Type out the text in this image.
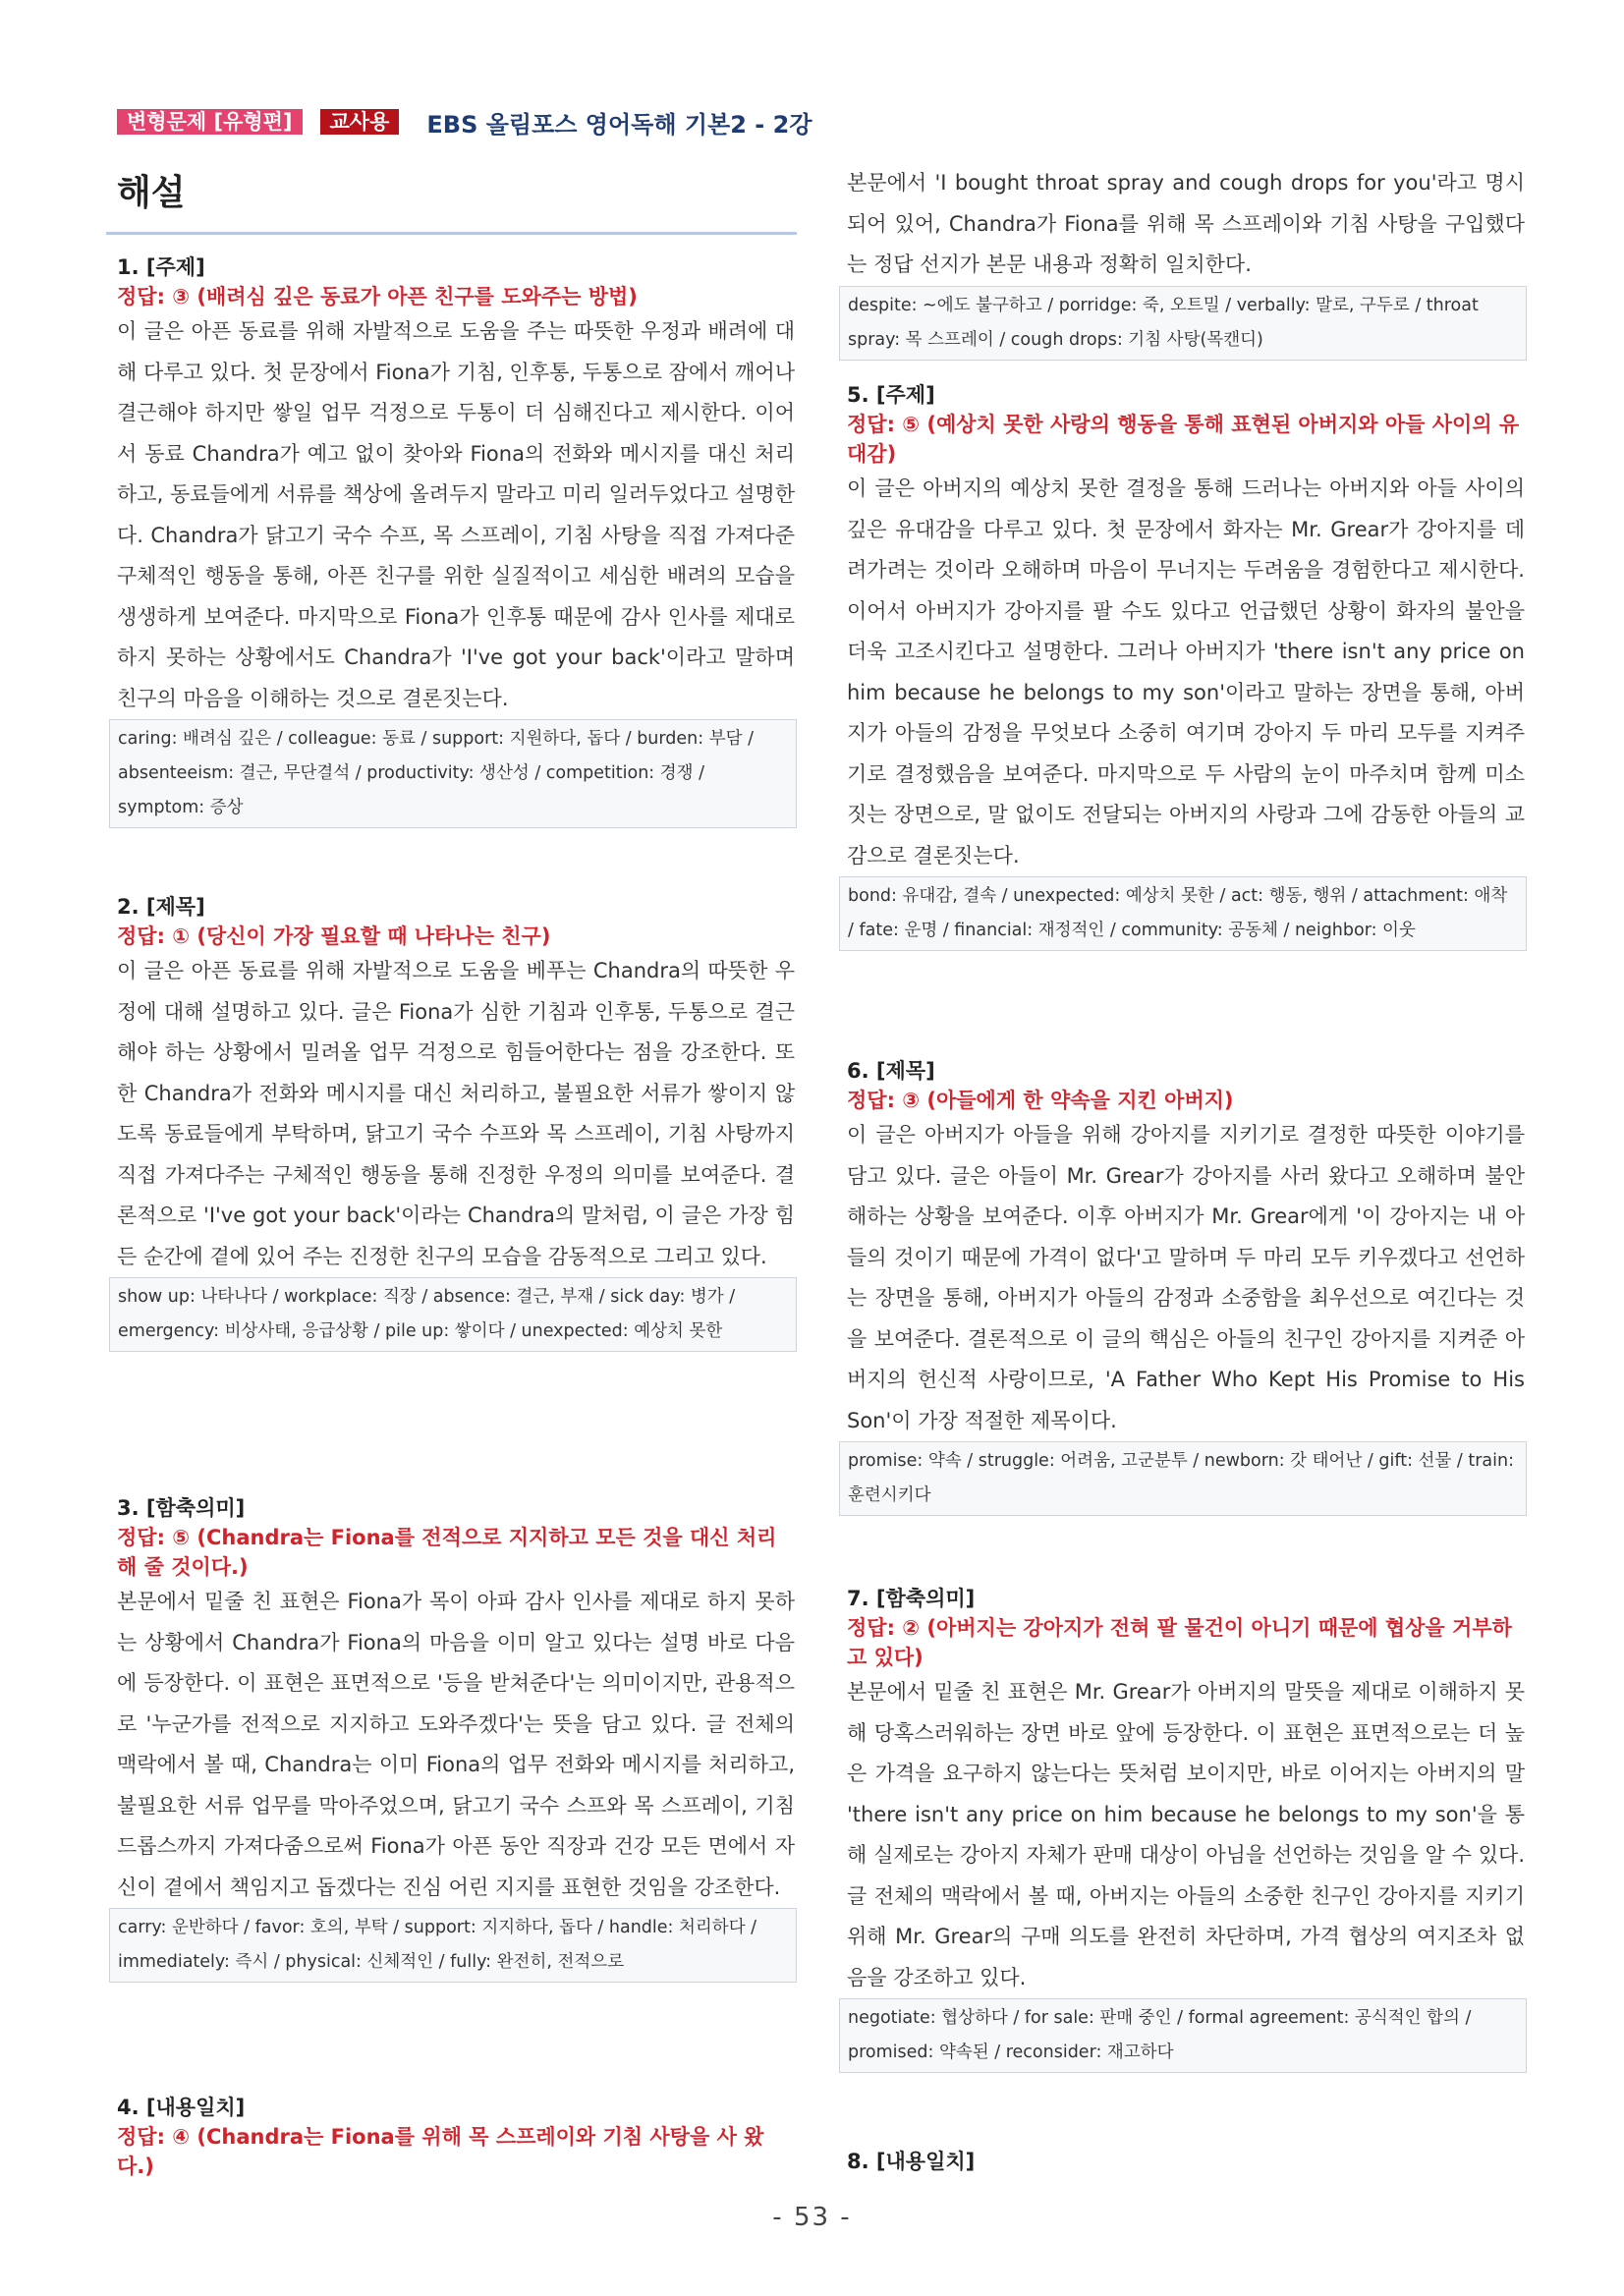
변형문제 [유형편]	교사용	EBS 올림포스 영어독해 기본2 - 2강
해설
1. [주제]
정답: ③ (배려심 깊은 동료가 아픈 친구를 도와주는 방법)
이 글은 아픈 동료를 위해 자발적으로 도움을 주는 따뜻한 우정과 배려에 대해 다루고 있다. 첫 문장에서 Fiona가 기침, 인후통, 두통으로 잠에서 깨어나 결근해야 하지만 쌓일 업무 걱정으로 두통이 더 심해진다고 제시한다. 이어서 동료 Chandra가 예고 없이 찾아와 Fiona의 전화와 메시지를 대신 처리하고, 동료들에게 서류를 책상에 올려두지 말라고 미리 일러두었다고 설명한다. Chandra가 닭고기 국수 수프, 목 스프레이, 기침 사탕을 직접 가져다준 구체적인 행동을 통해, 아픈 친구를 위한 실질적이고 세심한 배려의 모습을 생생하게 보여준다. 마지막으로 Fiona가 인후통 때문에 감사 인사를 제대로 하지 못하는 상황에서도 Chandra가 'I've got your back'이라고 말하며 친구의 마음을 이해하는 것으로 결론짓는다.
caring: 배려심 깊은 / colleague: 동료 / support: 지원하다, 돕다 / burden: 부담 / absenteeism: 결근, 무단결석 / productivity: 생산성 / competition: 경쟁 / symptom: 증상
2. [제목]
정답: ① (당신이 가장 필요할 때 나타나는 친구)
이 글은 아픈 동료를 위해 자발적으로 도움을 베푸는 Chandra의 따뜻한 우정에 대해 설명하고 있다. 글은 Fiona가 심한 기침과 인후통, 두통으로 결근해야 하는 상황에서 밀려올 업무 걱정으로 힘들어한다는 점을 강조한다. 또한 Chandra가 전화와 메시지를 대신 처리하고, 불필요한 서류가 쌓이지 않도록 동료들에게 부탁하며, 닭고기 국수 수프와 목 스프레이, 기침 사탕까지 직접 가져다주는 구체적인 행동을 통해 진정한 우정의 의미를 보여준다. 결론적으로 'I've got your back'이라는 Chandra의 말처럼, 이 글은 가장 힘든 순간에 곁에 있어 주는 진정한 친구의 모습을 감동적으로 그리고 있다.
show up: 나타나다 / workplace: 직장 / absence: 결근, 부재 / sick day: 병가 / emergency: 비상사태, 응급상황 / pile up: 쌓이다 / unexpected: 예상치 못한
3. [함축의미]
정답: ⑤ (Chandra는 Fiona를 전적으로 지지하고 모든 것을 대신 처리해 줄 것이다.)
본문에서 밑줄 친 표현은 Fiona가 목이 아파 감사 인사를 제대로 하지 못하는 상황에서 Chandra가 Fiona의 마음을 이미 알고 있다는 설명 바로 다음에 등장한다. 이 표현은 표면적으로 '등을 받쳐준다'는 의미이지만, 관용적으로 '누군가를 전적으로 지지하고 도와주겠다'는 뜻을 담고 있다. 글 전체의 맥락에서 볼 때, Chandra는 이미 Fiona의 업무 전화와 메시지를 처리하고, 불필요한 서류 업무를 막아주었으며, 닭고기 국수 스프와 목 스프레이, 기침 드롭스까지 가져다줌으로써 Fiona가 아픈 동안 직장과 건강 모든 면에서 자신이 곁에서 책임지고 돕겠다는 진심 어린 지지를 표현한 것임을 강조한다.
carry: 운반하다 / favor: 호의, 부탁 / support: 지지하다, 돕다 / handle: 처리하다 / immediately: 즉시 / physical: 신체적인 / fully: 완전히, 전적으로
4. [내용일치]
정답: ④ (Chandra는 Fiona를 위해 목 스프레이와 기침 사탕을 사 왔다.)
본문에서 'I bought throat spray and cough drops for you'라고 명시되어 있어, Chandra가 Fiona를 위해 목 스프레이와 기침 사탕을 구입했다는 정답 선지가 본문 내용과 정확히 일치한다.
despite: ~에도 불구하고 / porridge: 죽, 오트밀 / verbally: 말로, 구두로 / throat spray: 목 스프레이 / cough drops: 기침 사탕(목캔디)
5. [주제]
정답: ⑤ (예상치 못한 사랑의 행동을 통해 표현된 아버지와 아들 사이의 유대감)
이 글은 아버지의 예상치 못한 결정을 통해 드러나는 아버지와 아들 사이의 깊은 유대감을 다루고 있다. 첫 문장에서 화자는 Mr. Grear가 강아지를 데려가려는 것이라 오해하며 마음이 무너지는 두려움을 경험한다고 제시한다. 이어서 아버지가 강아지를 팔 수도 있다고 언급했던 상황이 화자의 불안을 더욱 고조시킨다고 설명한다. 그러나 아버지가 'there isn't any price on him because he belongs to my son'이라고 말하는 장면을 통해, 아버지가 아들의 감정을 무엇보다 소중히 여기며 강아지 두 마리 모두를 지켜주기로 결정했음을 보여준다. 마지막으로 두 사람의 눈이 마주치며 함께 미소 짓는 장면으로, 말 없이도 전달되는 아버지의 사랑과 그에 감동한 아들의 교감으로 결론짓는다.
bond: 유대감, 결속 / unexpected: 예상치 못한 / act: 행동, 행위 / attachment: 애착 / fate: 운명 / financial: 재정적인 / community: 공동체 / neighbor: 이웃
6. [제목]
정답: ③ (아들에게 한 약속을 지킨 아버지)
이 글은 아버지가 아들을 위해 강아지를 지키기로 결정한 따뜻한 이야기를 담고 있다. 글은 아들이 Mr. Grear가 강아지를 사러 왔다고 오해하며 불안해하는 상황을 보여준다. 이후 아버지가 Mr. Grear에게 '이 강아지는 내 아들의 것이기 때문에 가격이 없다'고 말하며 두 마리 모두 키우겠다고 선언하는 장면을 통해, 아버지가 아들의 감정과 소중함을 최우선으로 여긴다는 것을 보여준다. 결론적으로 이 글의 핵심은 아들의 친구인 강아지를 지켜준 아버지의 헌신적 사랑이므로, 'A Father Who Kept His Promise to His Son'이 가장 적절한 제목이다.
promise: 약속 / struggle: 어려움, 고군분투 / newborn: 갓 태어난 / gift: 선물 / train: 훈련시키다
7. [함축의미]
정답: ② (아버지는 강아지가 전혀 팔 물건이 아니기 때문에 협상을 거부하고 있다)
본문에서 밑줄 친 표현은 Mr. Grear가 아버지의 말뜻을 제대로 이해하지 못해 당혹스러워하는 장면 바로 앞에 등장한다. 이 표현은 표면적으로는 더 높은 가격을 요구하지 않는다는 뜻처럼 보이지만, 바로 이어지는 아버지의 말 'there isn't any price on him because he belongs to my son'을 통해 실제로는 강아지 자체가 판매 대상이 아님을 선언하는 것임을 알 수 있다. 글 전체의 맥락에서 볼 때, 아버지는 아들의 소중한 친구인 강아지를 지키기 위해 Mr. Grear의 구매 의도를 완전히 차단하며, 가격 협상의 여지조차 없음을 강조하고 있다.
negotiate: 협상하다 / for sale: 판매 중인 / formal agreement: 공식적인 합의 / promised: 약속된 / reconsider: 재고하다
8. [내용일치]
- 53 -
